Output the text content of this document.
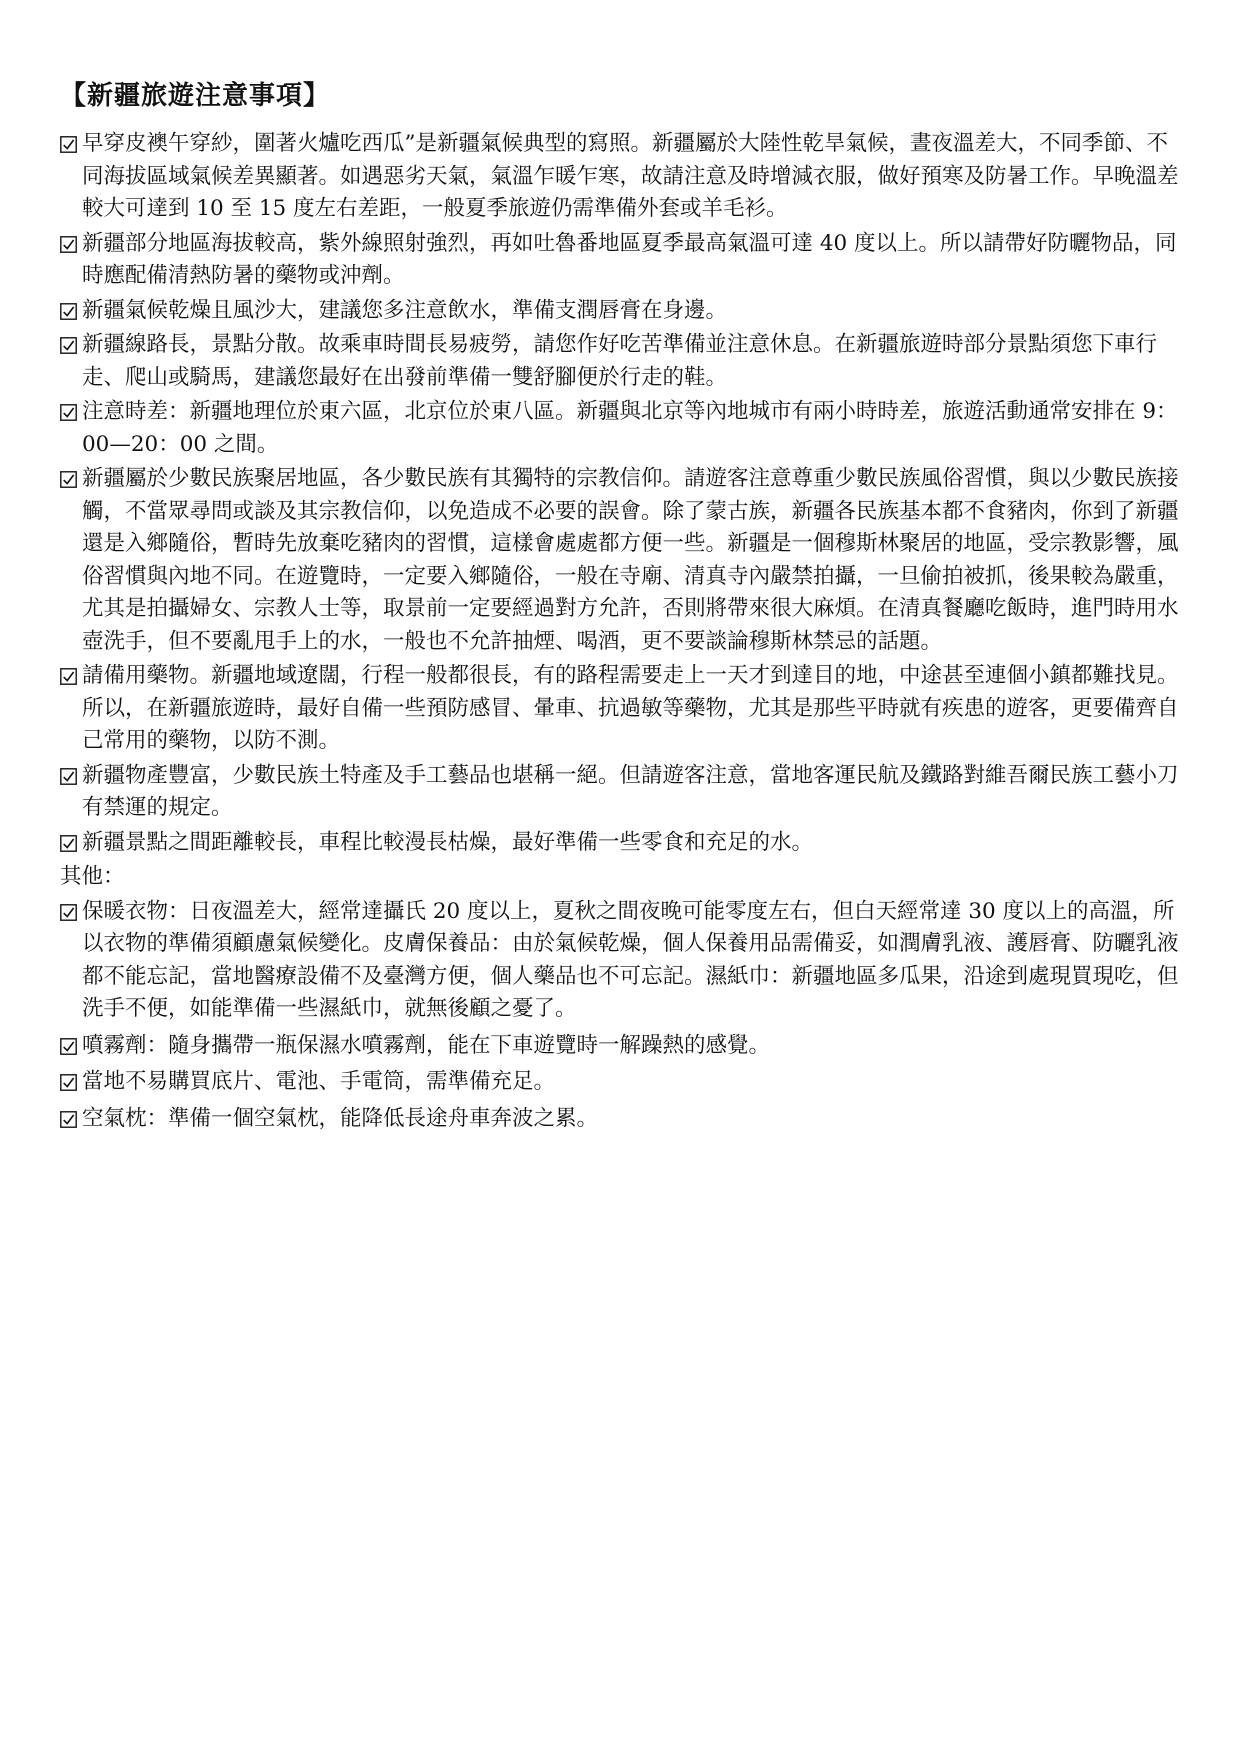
【新疆旅遊注意事項】
早穿皮襖午穿紗，圍著火爐吃西瓜”是新疆氣候典型的寫照。新疆屬於大陸性乾旱氣候，晝夜溫差大，不同季節、不同海拔區域氣候差異顯著。如遇惡劣天氣，氣溫乍暖乍寒，故請注意及時增減衣服，做好預寒及防暑工作。早晚溫差較大可達到 10 至 15 度左右差距，一般夏季旅遊仍需準備外套或羊毛衫。
新疆部分地區海拔較高，紫外線照射強烈，再如吐魯番地區夏季最高氣溫可達 40 度以上。所以請帶好防曬物品，同時應配備清熱防暑的藥物或沖劑。
新疆氣候乾燥且風沙大，建議您多注意飲水，準備支潤唇膏在身邊。
新疆線路長，景點分散。故乘車時間長易疲勞，請您作好吃苦準備並注意休息。在新疆旅遊時部分景點須您下車行走、爬山或騎馬，建議您最好在出發前準備一雙舒腳便於行走的鞋。
注意時差：新疆地理位於東六區，北京位於東八區。新疆與北京等內地城市有兩小時時差，旅遊活動通常安排在 9：00—20：00 之間。
新疆屬於少數民族聚居地區，各少數民族有其獨特的宗教信仰。請遊客注意尊重少數民族風俗習慣，與以少數民族接觸，不當眾尋問或談及其宗教信仰，以免造成不必要的誤會。除了蒙古族，新疆各民族基本都不食豬肉，你到了新疆還是入鄉隨俗，暫時先放棄吃豬肉的習慣，這樣會處處都方便一些。新疆是一個穆斯林聚居的地區，受宗教影響，風俗習慣與內地不同。在遊覽時，一定要入鄉隨俗，一般在寺廟、清真寺內嚴禁拍攝，一旦偷拍被抓，後果較為嚴重，尤其是拍攝婦女、宗教人士等，取景前一定要經過對方允許，否則將帶來很大麻煩。在清真餐廳吃飯時，進門時用水壺洗手，但不要亂甩手上的水，一般也不允許抽煙、喝酒，更不要談論穆斯林禁忌的話題。
請備用藥物。新疆地域遼闊，行程一般都很長，有的路程需要走上一天才到達目的地，中途甚至連個小鎮都難找見。所以，在新疆旅遊時，最好自備一些預防感冒、暈車、抗過敏等藥物，尤其是那些平時就有疾患的遊客，更要備齊自己常用的藥物，以防不測。
新疆物產豐富，少數民族土特產及手工藝品也堪稱一絕。但請遊客注意，當地客運民航及鐵路對維吾爾民族工藝小刀有禁運的規定。
新疆景點之間距離較長，車程比較漫長枯燥，最好準備一些零食和充足的水。
其他：
保暖衣物：日夜溫差大，經常達攝氏 20 度以上，夏秋之間夜晚可能零度左右，但白天經常達 30 度以上的高溫，所以衣物的準備須顧慮氣候變化。皮膚保養品：由於氣候乾燥，個人保養用品需備妥，如潤膚乳液、護唇膏、防曬乳液都不能忘記，當地醫療設備不及臺灣方便，個人藥品也不可忘記。濕紙巾：新疆地區多瓜果，沿途到處現買現吃，但洗手不便，如能準備一些濕紙巾，就無後顧之憂了。
噴霧劑：隨身攜帶一瓶保濕水噴霧劑，能在下車遊覽時一解躁熱的感覺。
當地不易購買底片、電池、手電筒，需準備充足。
空氣枕：準備一個空氣枕，能降低長途舟車奔波之累。
